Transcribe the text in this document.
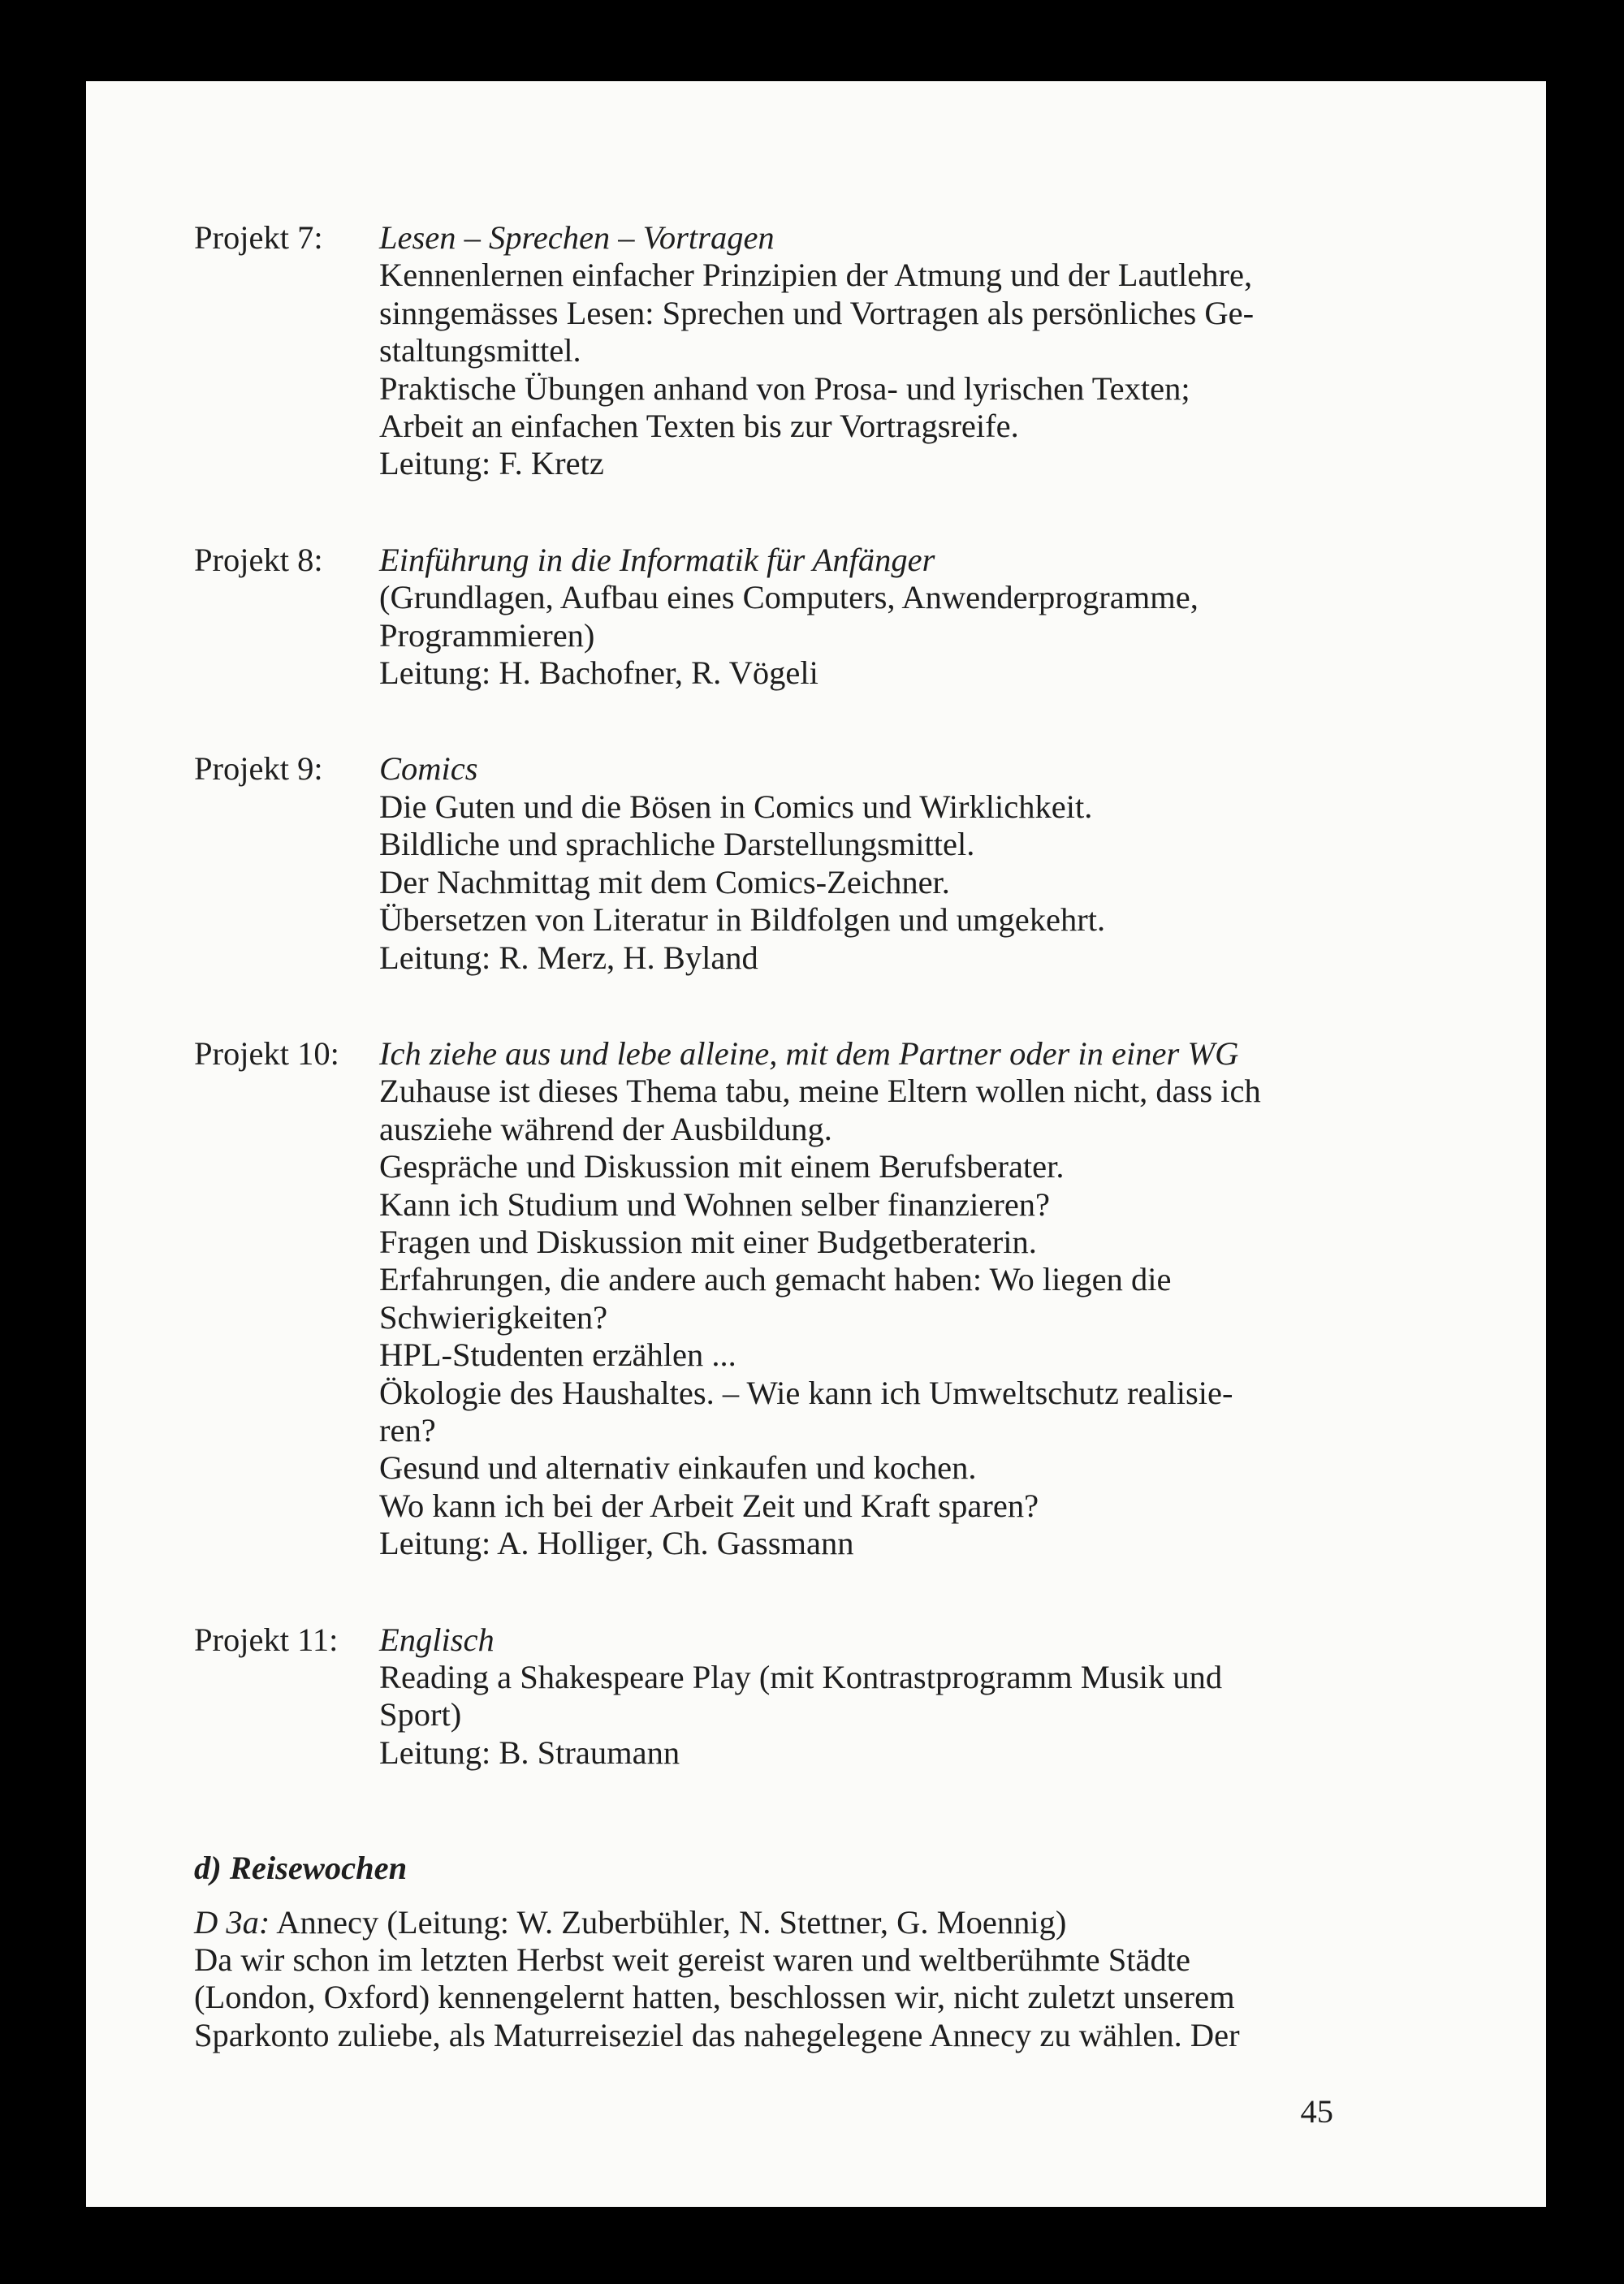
Projekt 7:	Lesen – Sprechen – Vortragen
Kennenlernen einfacher Prinzipien der Atmung und der Lautlehre,
sinngemässes Lesen: Sprechen und Vortragen als persönliches Ge-
staltungsmittel.
Praktische Übungen anhand von Prosa- und lyrischen Texten;
Arbeit an einfachen Texten bis zur Vortragsreife.
Leitung: F. Kretz
Projekt 8:	Einführung in die Informatik für Anfänger
(Grundlagen, Aufbau eines Computers, Anwenderprogramme,
Programmieren)
Leitung: H. Bachofner, R. Vögeli
Projekt 9:	Comics
Die Guten und die Bösen in Comics und Wirklichkeit.
Bildliche und sprachliche Darstellungsmittel.
Der Nachmittag mit dem Comics-Zeichner.
Übersetzen von Literatur in Bildfolgen und umgekehrt.
Leitung: R. Merz, H. Byland
Projekt 10:	Ich ziehe aus und lebe alleine, mit dem Partner oder in einer WG
Zuhause ist dieses Thema tabu, meine Eltern wollen nicht, dass ich
ausziehe während der Ausbildung.
Gespräche und Diskussion mit einem Berufsberater.
Kann ich Studium und Wohnen selber finanzieren?
Fragen und Diskussion mit einer Budgetberaterin.
Erfahrungen, die andere auch gemacht haben: Wo liegen die
Schwierigkeiten?
HPL-Studenten erzählen ...
Ökologie des Haushaltes. – Wie kann ich Umweltschutz realisie-
ren?
Gesund und alternativ einkaufen und kochen.
Wo kann ich bei der Arbeit Zeit und Kraft sparen?
Leitung: A. Holliger, Ch. Gassmann
Projekt 11:	Englisch
Reading a Shakespeare Play (mit Kontrastprogramm Musik und
Sport)
Leitung: B. Straumann
d) Reisewochen
D 3a: Annecy (Leitung: W. Zuberbühler, N. Stettner, G. Moennig)
Da wir schon im letzten Herbst weit gereist waren und weltberühmte Städte
(London, Oxford) kennengelernt hatten, beschlossen wir, nicht zuletzt unserem
Sparkonto zuliebe, als Maturreiseziel das nahegelegene Annecy zu wählen. Der
45
